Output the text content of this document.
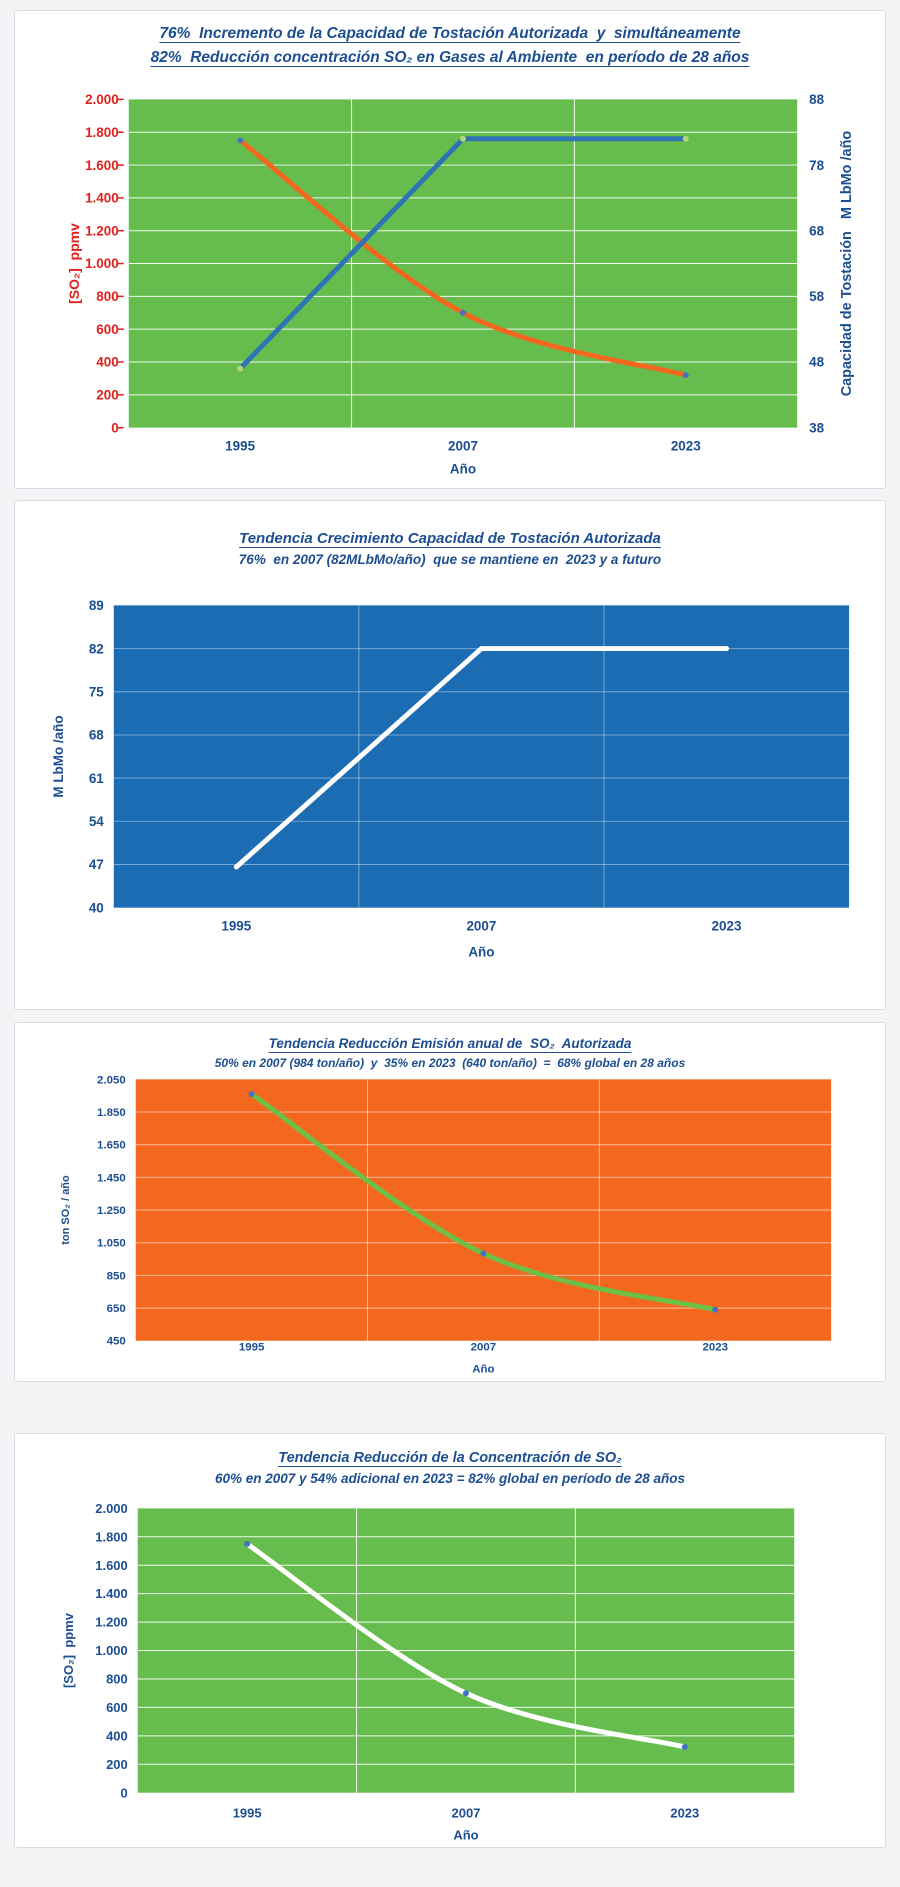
76%  Incremento de la Capacidad de Tostación Autorizada  y  simultáneamente
82%  Reducción concentración SO₂ en Gases al Ambiente  en período de 28 años
2.000
1.800
1.600
1.400
1.200
1.000
800
600
400
200
0
88
78
68
58
48
38
Capacidad de Tostación   M LbMo /año
1995	2007	2023
Año
[SO₂]  ppmv
Tendencia Crecimiento Capacidad de Tostación Autorizada
76%  en 2007 (82MLbMo/año)  que se mantiene en  2023 y a futuro
89
82
75
68
61
54
47
40
1995	2007	2023
Año
M LbMo /año
Tendencia Reducción Emisión anual de  SO₂  Autorizada
50% en 2007 (984 ton/año)  y  35% en 2023  (640 ton/año)  =  68% global en 28 años
2.050
1.850
1.650
1.450
1.250
1.050
850
650
450	1995	2007	2023
Año
ton SO₂ / año
Tendencia Reducción de la Concentración de SO₂
60% en 2007 y 54% adicional en 2023 = 82% global en período de 28 años
2.000
1.800
1.600
1.400
1.200
1.000
800
600
400
200
0
1995	2007	2023
Año
[SO₂]  ppmv
